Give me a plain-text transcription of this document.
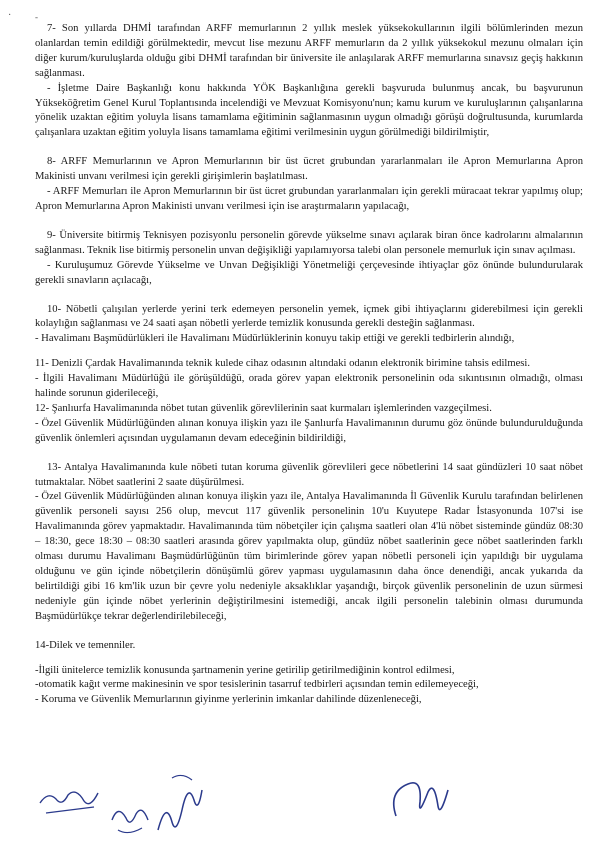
·	-

7- Son yıllarda DHMİ tarafından ARFF memurlarının 2 yıllık meslek yüksekokullarının ilgili bölümlerinden mezun olanlardan temin edildiği görülmektedir, mevcut lise mezunu ARFF memurların da 2 yıllık yüksekokul mezunu olmaları için diğer kurum/kuruluşlarda olduğu gibi DHMİ tarafından bir üniversite ile anlaşılarak ARFF memurlarına sınavsız geçiş hakkının sağlanması.

- İşletme Daire Başkanlığı konu hakkında YÖK Başkanlığına gerekli başvuruda bulunmuş ancak, bu başvurunun Yükseköğretim Genel Kurul Toplantısında incelendiği ve Mevzuat Komisyonu'nun; kamu kurum ve kuruluşlarının çalışanlarına yönelik uzaktan eğitim yoluyla lisans tamamlama eğitiminin sağlanmasının uygun olmadığı görüşü doğrultusunda, kurumlarda çalışanlara uzaktan eğitim yoluyla lisans tamamlama eğitimi verilmesinin uygun görülmediği bildirilmiştir,

8- ARFF Memurlarının ve Apron Memurlarının bir üst ücret grubundan yararlanmaları ile Apron Memurlarına Apron Makinisti unvanı verilmesi için gerekli girişimlerin başlatılması.

- ARFF Memurları ile Apron Memurlarının bir üst ücret grubundan yararlanmaları için gerekli müracaat tekrar yapılmış olup; Apron Memurlarına Apron Makinisti unvanı verilmesi için ise araştırmaların yapılacağı,

9- Üniversite bitirmiş Teknisyen pozisyonlu personelin görevde yükselme sınavı açılarak biran önce kadrolarını almalarının sağlanması. Teknik lise bitirmiş personelin unvan değişikliği yapılamıyorsa talebi olan personele memurluk için sınav açılması.

- Kuruluşumuz Görevde Yükselme ve Unvan Değişikliği Yönetmeliği çerçevesinde ihtiyaçlar göz önünde bulundurularak gerekli sınavların açılacağı,

10- Nöbetli çalışılan yerlerde yerini terk edemeyen personelin yemek, içmek gibi ihtiyaçlarını giderebilmesi için gerekli kolaylığın sağlanması ve 24 saati aşan nöbetli yerlerde temizlik konusunda gerekli desteğin sağlanması.

- Havalimanı Başmüdürlükleri ile Havalimanı Müdürlüklerinin konuyu takip ettiği ve gerekli tedbirlerin alındığı,

11- Denizli Çardak Havalimanında teknik kulede cihaz odasının altındaki odanın elektronik birimine tahsis edilmesi.

- İlgili Havalimanı Müdürlüğü ile görüşüldüğü, orada görev yapan elektronik personelinin oda sıkıntısının olmadığı, olması halinde sorunun giderileceği,

12- Şanlıurfa Havalimanında nöbet tutan güvenlik görevlilerinin saat kurmaları işlemlerinden vazgeçilmesi.

- Özel Güvenlik Müdürlüğünden alınan konuya ilişkin yazı ile Şanlıurfa Havalimanının durumu göz önünde bulundurulduğunda güvenlik önlemleri açısından uygulamanın devam edeceğinin bildirildiği,

13- Antalya Havalimanında kule nöbeti tutan koruma güvenlik görevlileri gece nöbetlerini 14 saat gündüzleri 10 saat nöbet tutmaktalar. Nöbet saatlerini 2 saate düşürülmesi.

- Özel Güvenlik Müdürlüğünden alınan konuya ilişkin yazı ile, Antalya Havalimanında İl Güvenlik Kurulu tarafından belirlenen güvenlik personeli sayısı 256 olup, mevcut 117 güvenlik personelinin 10'u Kuyutepe Radar İstasyonunda 107'si ise Havalimanında görev yapmaktadır. Havalimanında tüm nöbetçiler için çalışma saatleri olan 4'lü nöbet sisteminde gündüz 08:30 – 18:30, gece 18:30 – 08:30 saatleri arasında görev yapılmakta olup, gündüz nöbet saatlerinin gece nöbet saatlerinden farklı olması durumu Havalimanı Başmüdürlüğünün tüm birimlerinde görev yapan nöbetli personeli için yapıldığı bir uygulama olduğunu ve gün içinde nöbetçilerin dönüşümlü görev yapması uygulamasının daha önce denendiği, ancak yukarıda da belirtildiği gibi 16 km'lik uzun bir çevre yolu nedeniyle aksaklıklar yaşandığı, birçok güvenlik personelinin de uzun sürmesi nedeniyle gün içinde nöbet yerlerinin değiştirilmesini istemediği, ancak ilgili personelin talebinin olması durumunda Başmüdürlükçe tekrar değerlendirilebileceği,

14-Dilek ve temenniler.

-İlgili ünitelerce temizlik konusunda şartnamenin yerine getirilip getirilmediğinin kontrol edilmesi,

-otomatik kağıt verme makinesinin ve spor tesislerinin tasarruf tedbirleri açısından temin edilemeyeceği,

- Koruma ve Güvenlik Memurlarının giyinme yerlerinin imkanlar dahilinde düzenleneceği,
